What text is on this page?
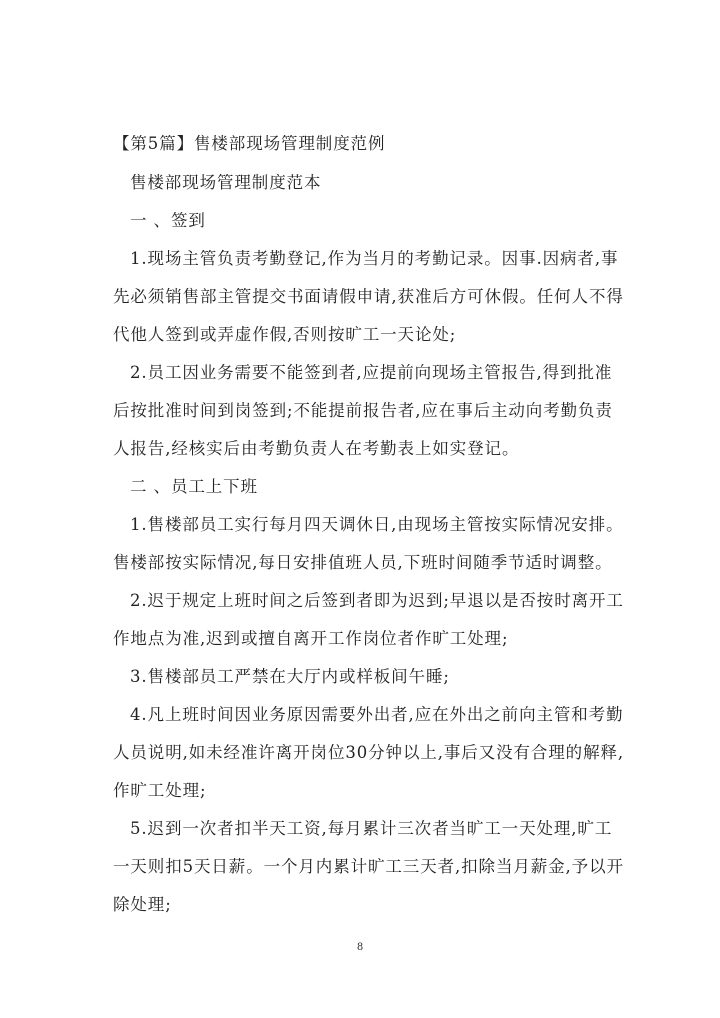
【第5篇】售楼部现场管理制度范例
售楼部现场管理制度范本
一 、签到
1.现场主管负责考勤登记,作为当月的考勤记录。因事.因病者,事
先必须销售部主管提交书面请假申请,获准后方可休假。任何人不得
代他人签到或弄虚作假,否则按旷工一天论处;
2.员工因业务需要不能签到者,应提前向现场主管报告,得到批准
后按批准时间到岗签到;不能提前报告者,应在事后主动向考勤负责
人报告,经核实后由考勤负责人在考勤表上如实登记。
二 、员工上下班
1.售楼部员工实行每月四天调休日,由现场主管按实际情况安排。
售楼部按实际情况,每日安排值班人员,下班时间随季节适时调整。
2.迟于规定上班时间之后签到者即为迟到;早退以是否按时离开工
作地点为准,迟到或擅自离开工作岗位者作旷工处理;
3.售楼部员工严禁在大厅内或样板间午睡;
4.凡上班时间因业务原因需要外出者,应在外出之前向主管和考勤
人员说明,如未经准许离开岗位30分钟以上,事后又没有合理的解释,
作旷工处理;
5.迟到一次者扣半天工资,每月累计三次者当旷工一天处理,旷工
一天则扣5天日薪。一个月内累计旷工三天者,扣除当月薪金,予以开
除处理;
8
